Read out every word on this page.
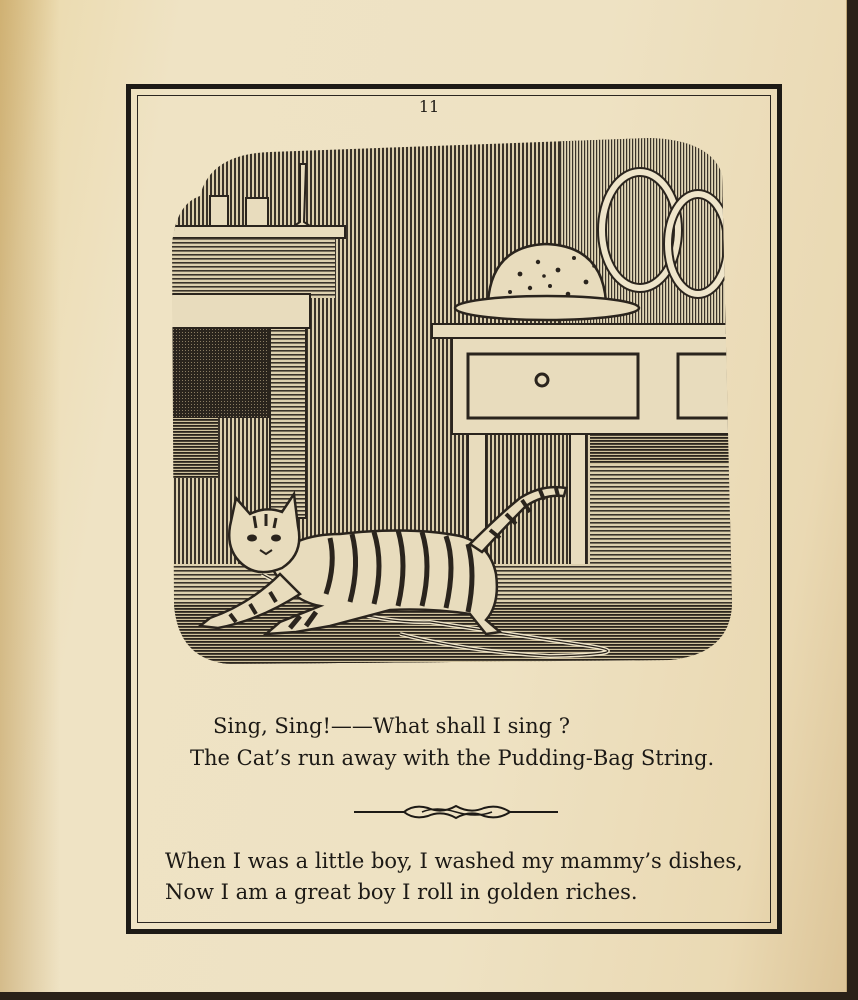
11
Sing, Sing!——What shall I sing ?
The Cat’s run away with the Pudding-Bag String.
When I was a little boy, I washed my mammy’s dishes,
Now I am a great boy I roll in golden riches.
